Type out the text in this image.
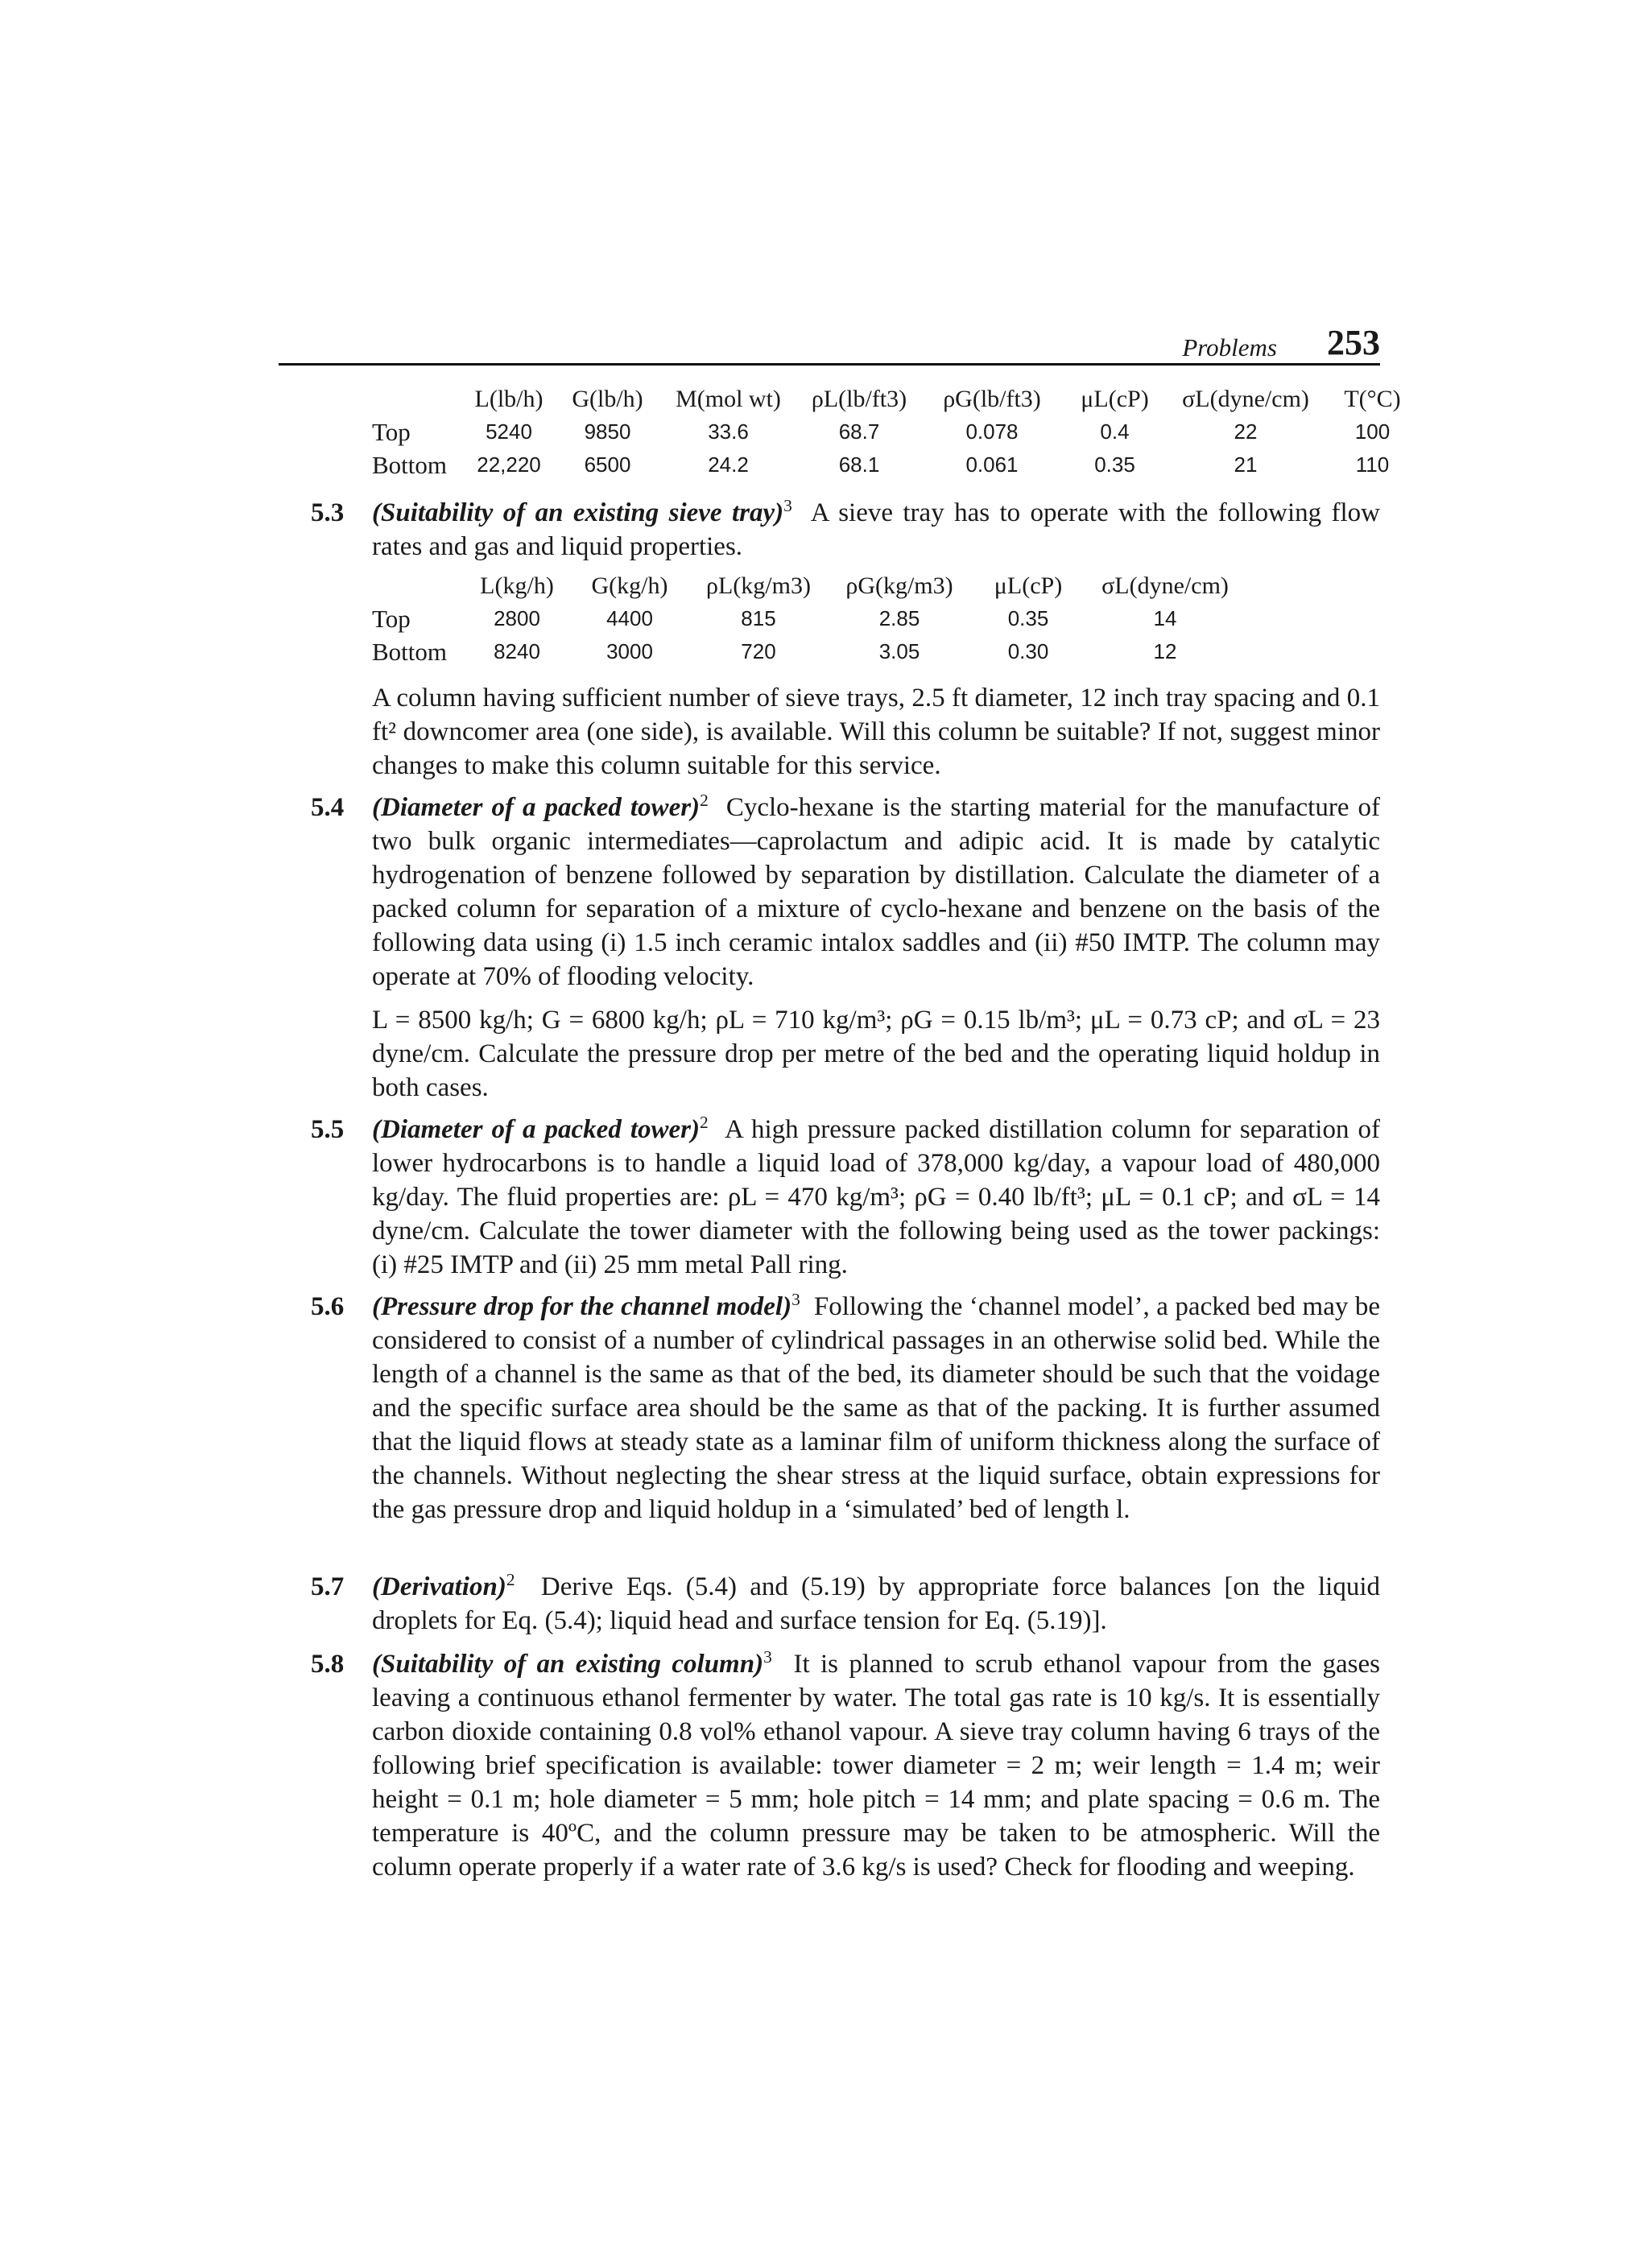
Problems 253
	L(lb/h)	G(lb/h)	M(mol wt)	ρL(lb/ft3)	ρG(lb/ft3)	μL(cP)	σL(dyne/cm)	T(°C)
Top	5240	9850	33.6	68.7	0.078	0.4	22	100
Bottom	22,220	6500	24.2	68.1	0.061	0.35	21	110
5.3 (Suitability of an existing sieve tray)$^3$ A sieve tray has to operate with the following flow rates and gas and liquid properties.

	L(kg/h)	G(kg/h)	ρL(kg/m3)	ρG(kg/m3)	μL(cP)	σL(dyne/cm)
Top	2800	4400	815	2.85	0.35	14
Bottom	8240	3000	720	3.05	0.30	12

A column having sufficient number of sieve trays, 2.5 ft diameter, 12 inch tray spacing and 0.1 ft² downcomer area (one side), is available. Will this column be suitable? If not, suggest minor changes to make this column suitable for this service.

5.4 (Diameter of a packed tower)$^2$ Cyclo-hexane is the starting material for the manufacture of two bulk organic intermediates—caprolactum and adipic acid. It is made by catalytic hydrogenation of benzene followed by separation by distillation. Calculate the diameter of a packed column for separation of a mixture of cyclo-hexane and benzene on the basis of the following data using (i) 1.5 inch ceramic intalox saddles and (ii) #50 IMTP. The column may operate at 70% of flooding velocity.

L = 8500 kg/h; G = 6800 kg/h; ρL = 710 kg/m³; ρG = 0.15 lb/m³; μL = 0.73 cP; and σL = 23 dyne/cm. Calculate the pressure drop per metre of the bed and the operating liquid holdup in both cases.

5.5 (Diameter of a packed tower)$^2$ A high pressure packed distillation column for separation of lower hydrocarbons is to handle a liquid load of 378,000 kg/day, a vapour load of 480,000 kg/day. The fluid properties are: ρL = 470 kg/m³; ρG = 0.40 lb/ft³; μL = 0.1 cP; and σL = 14 dyne/cm. Calculate the tower diameter with the following being used as the tower packings: (i) #25 IMTP and (ii) 25 mm metal Pall ring.

5.6 (Pressure drop for the channel model)$^3$ Following the ‘channel model’, a packed bed may be considered to consist of a number of cylindrical passages in an otherwise solid bed. While the length of a channel is the same as that of the bed, its diameter should be such that the voidage and the specific surface area should be the same as that of the packing. It is further assumed that the liquid flows at steady state as a laminar film of uniform thickness along the surface of the channels. Without neglecting the shear stress at the liquid surface, obtain expressions for the gas pressure drop and liquid holdup in a ‘simulated’ bed of length l.

5.7 (Derivation)$^2$ Derive Eqs. (5.4) and (5.19) by appropriate force balances [on the liquid droplets for Eq. (5.4); liquid head and surface tension for Eq. (5.19)].

5.8 (Suitability of an existing column)$^3$ It is planned to scrub ethanol vapour from the gases leaving a continuous ethanol fermenter by water. The total gas rate is 10 kg/s. It is essentially carbon dioxide containing 0.8 vol% ethanol vapour. A sieve tray column having 6 trays of the following brief specification is available: tower diameter = 2 m; weir length = 1.4 m; weir height = 0.1 m; hole diameter = 5 mm; hole pitch = 14 mm; and plate spacing = 0.6 m. The temperature is 40ºC, and the column pressure may be taken to be atmospheric. Will the column operate properly if a water rate of 3.6 kg/s is used? Check for flooding and weeping.
